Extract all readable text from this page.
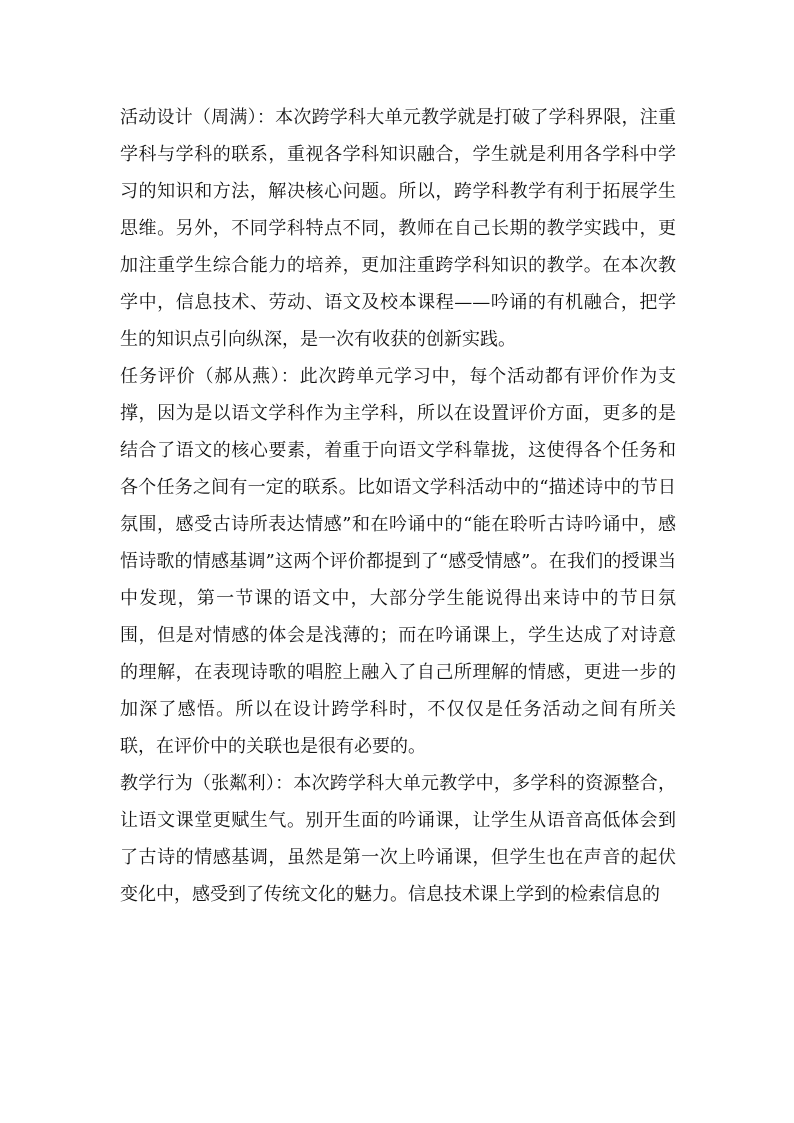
活动设计（周满）：本次跨学科大单元教学就是打破了学科界限，注重学科与学科的联系，重视各学科知识融合，学生就是利用各学科中学习的知识和方法，解决核心问题。所以，跨学科教学有利于拓展学生思维。另外，不同学科特点不同，教师在自己长期的教学实践中，更加注重学生综合能力的培养，更加注重跨学科知识的教学。在本次教学中，信息技术、劳动、语文及校本课程——吟诵的有机融合，把学生的知识点引向纵深，是一次有收获的创新实践。

任务评价（郝从燕）：此次跨单元学习中，每个活动都有评价作为支撑，因为是以语文学科作为主学科，所以在设置评价方面，更多的是结合了语文的核心要素，着重于向语文学科靠拢，这使得各个任务和各个任务之间有一定的联系。比如语文学科活动中的“描述诗中的节日氛围，感受古诗所表达情感”和在吟诵中的“能在聆听古诗吟诵中，感悟诗歌的情感基调”这两个评价都提到了“感受情感”。在我们的授课当中发现，第一节课的语文中，大部分学生能说得出来诗中的节日氛围，但是对情感的体会是浅薄的；而在吟诵课上，学生达成了对诗意的理解，在表现诗歌的唱腔上融入了自己所理解的情感，更进一步的加深了感悟。所以在设计跨学科时，不仅仅是任务活动之间有所关联，在评价中的关联也是很有必要的。

教学行为（张粼利）：本次跨学科大单元教学中，多学科的资源整合，让语文课堂更赋生气。别开生面的吟诵课，让学生从语音高低体会到了古诗的情感基调，虽然是第一次上吟诵课，但学生也在声音的起伏变化中，感受到了传统文化的魅力。信息技术课上学到的检索信息的
